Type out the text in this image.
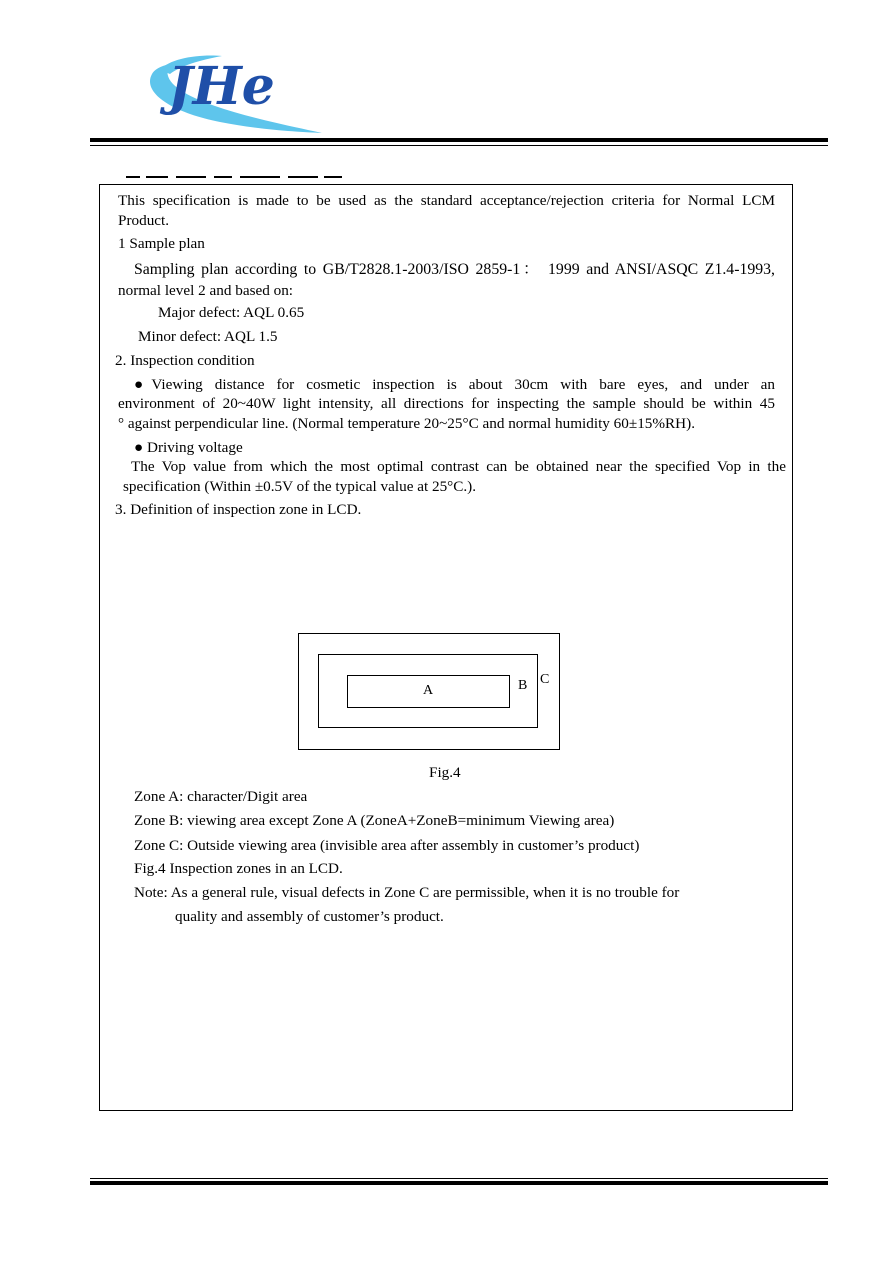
JHe
This specification is made to be used as the standard acceptance/rejection criteria for Normal LCM
Product.
1 Sample plan
Sampling plan according to GB/T2828.1-2003/ISO 2859-1： 1999 and ANSI/ASQC Z1.4-1993,
normal level 2 and based on:
Major defect: AQL 0.65
Minor defect: AQL 1.5
2. Inspection condition
●Viewing distance for cosmetic inspection is about 30cm with bare eyes, and under an
environment of 20~40W light intensity, all directions for inspecting the sample should be within 45
° against perpendicular line. (Normal temperature 20~25°C and normal humidity 60±15%RH).
● Driving voltage
The Vop value from which the most optimal contrast can be obtained near the specified Vop in the
specification (Within ±0.5V of the typical value at 25°C.).
3. Definition of inspection zone in LCD.
A	B C
Fig.4
Zone A: character/Digit area
Zone B: viewing area except Zone A (ZoneA+ZoneB=minimum Viewing area)
Zone C: Outside viewing area (invisible area after assembly in customer’s product)
Fig.4 Inspection zones in an LCD.
Note: As a general rule, visual defects in Zone C are permissible, when it is no trouble for
quality and assembly of customer’s product.
